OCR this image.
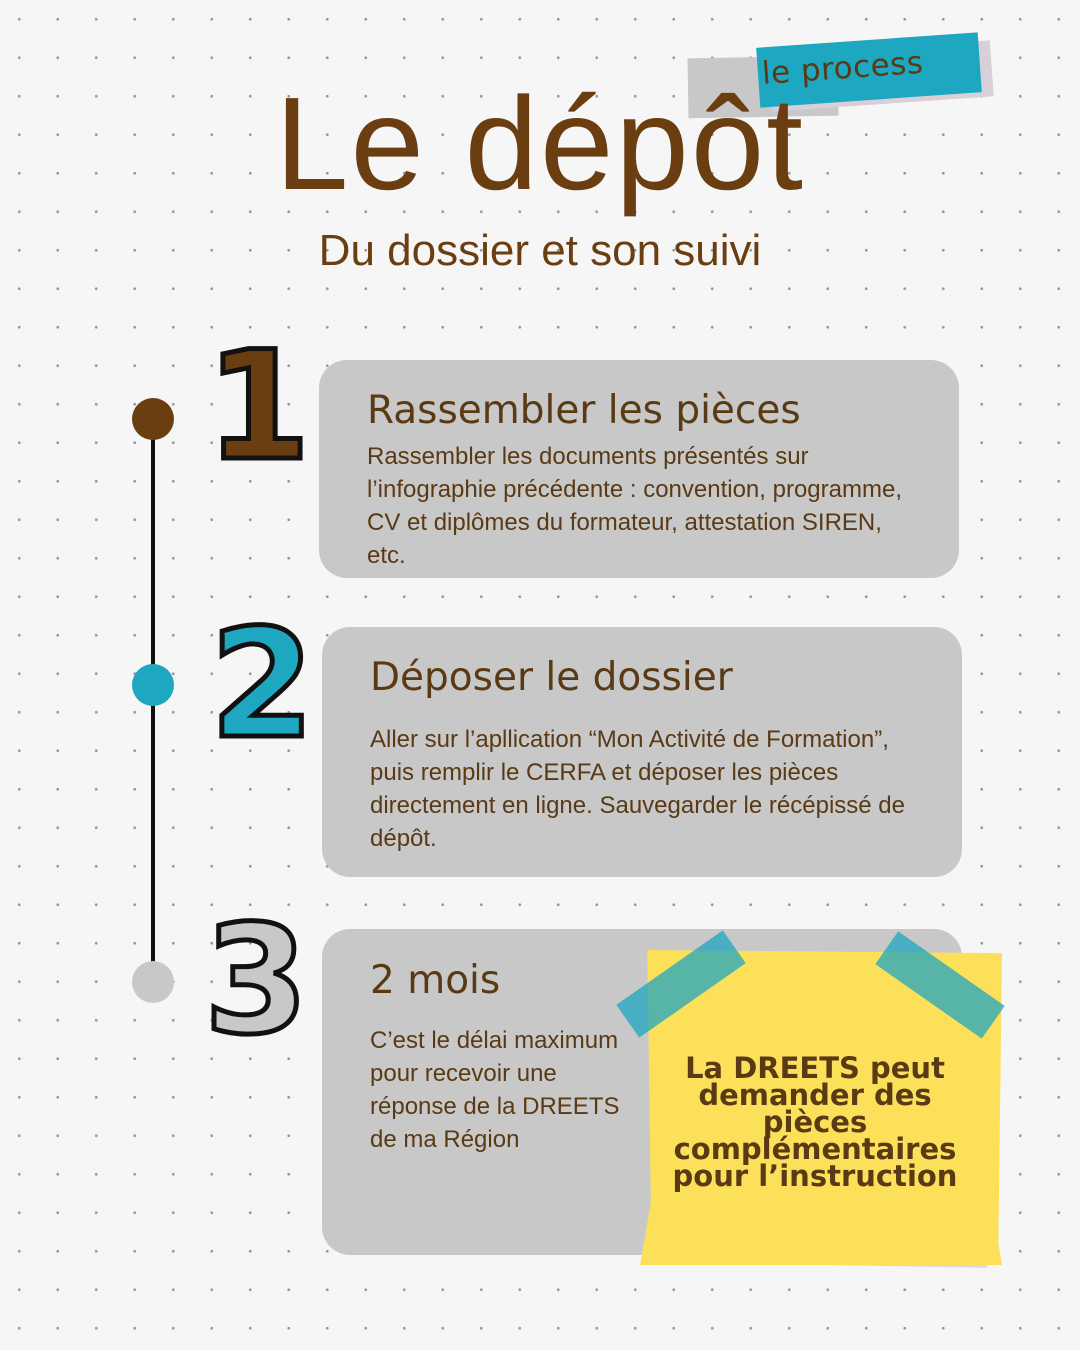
le process
Le dépôt
Du dossier et son suivi
1
2
3
Rassembler les pièces
Rassembler les documents présentés sur l’infographie précédente : convention, programme, CV et diplômes du formateur, attestation SIREN, etc.
Déposer le dossier
Aller sur l’apllication “Mon Activité de Formation”, puis remplir le CERFA et déposer les pièces directement en ligne. Sauvegarder le récépissé de dépôt.
2 mois
C’est le délai maximum pour recevoir une réponse de la DREETS de ma Région
La DREETS peut demander des pièces complémentaires pour l’instruction
